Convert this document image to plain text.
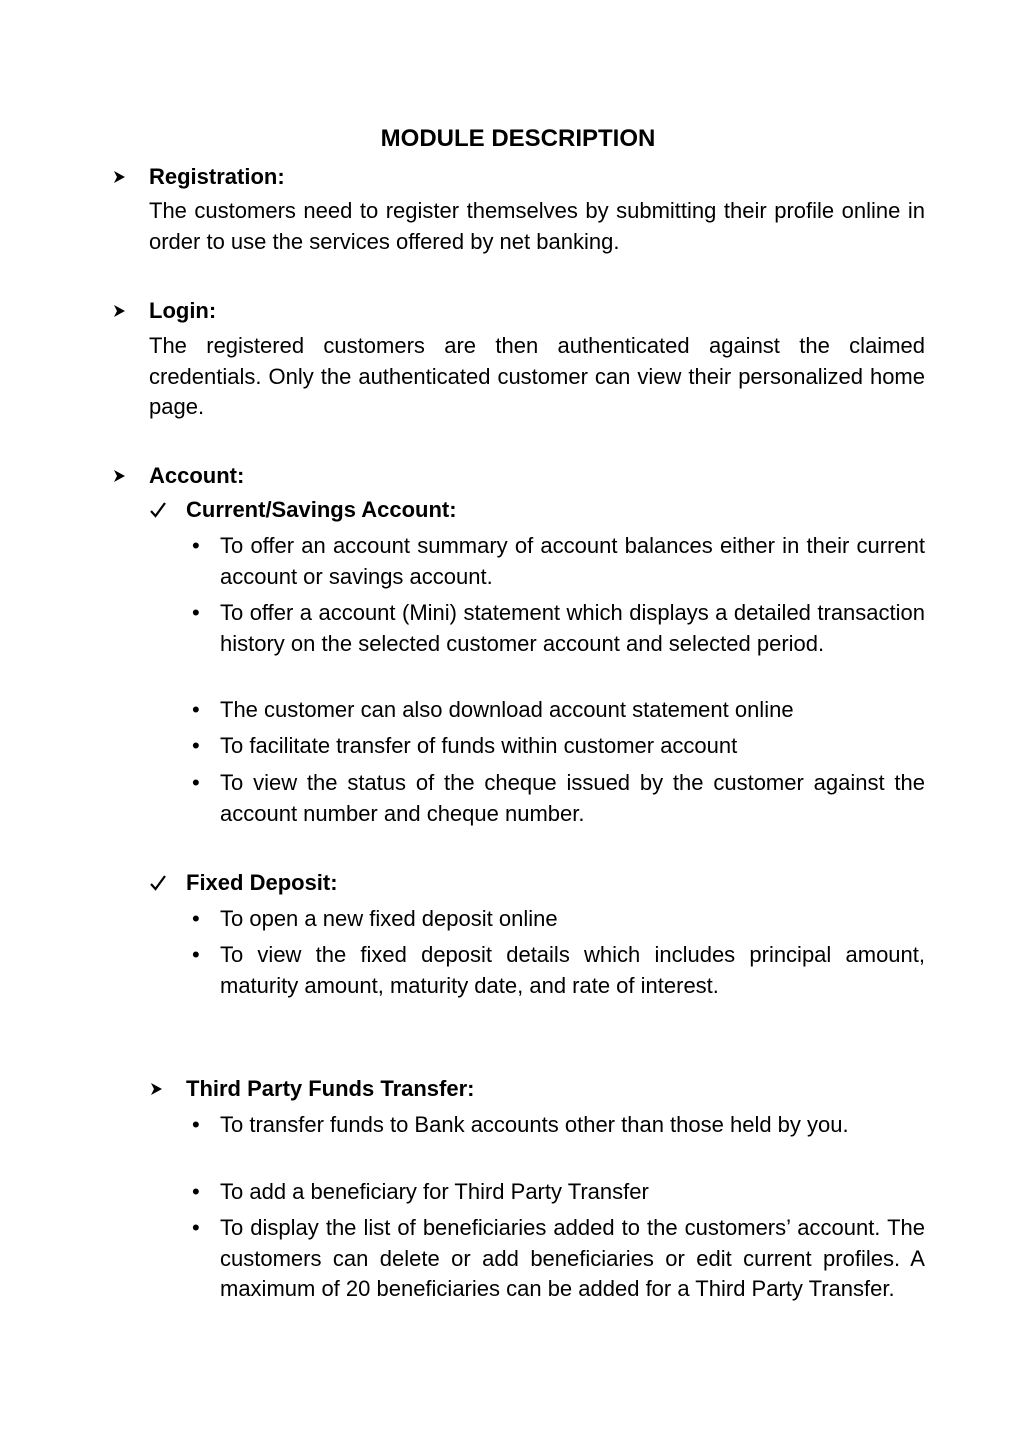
MODULE DESCRIPTION
Registration:
The customers need to register themselves by submitting their profile online in order to use the services offered by net banking.
Login:
The registered customers are then authenticated against the claimed credentials. Only the authenticated customer can view their personalized home page.
Account:
Current/Savings Account:
• To offer an account summary of account balances either in their current account or savings account.
• To offer a account (Mini) statement which displays a detailed transaction history on the selected customer account and selected period.
• The customer can also download account statement online
• To facilitate transfer of funds within customer account
• To view the status of the cheque issued by the customer against the account number and cheque number.
Fixed Deposit:
• To open a new fixed deposit online
• To view the fixed deposit details which includes principal amount, maturity amount, maturity date, and rate of interest.
Third Party Funds Transfer:
• To transfer funds to Bank accounts other than those held by you.
• To add a beneficiary for Third Party Transfer
• To display the list of beneficiaries added to the customers’ account. The customers can delete or add beneficiaries or edit current profiles. A maximum of 20 beneficiaries can be added for a Third Party Transfer.
